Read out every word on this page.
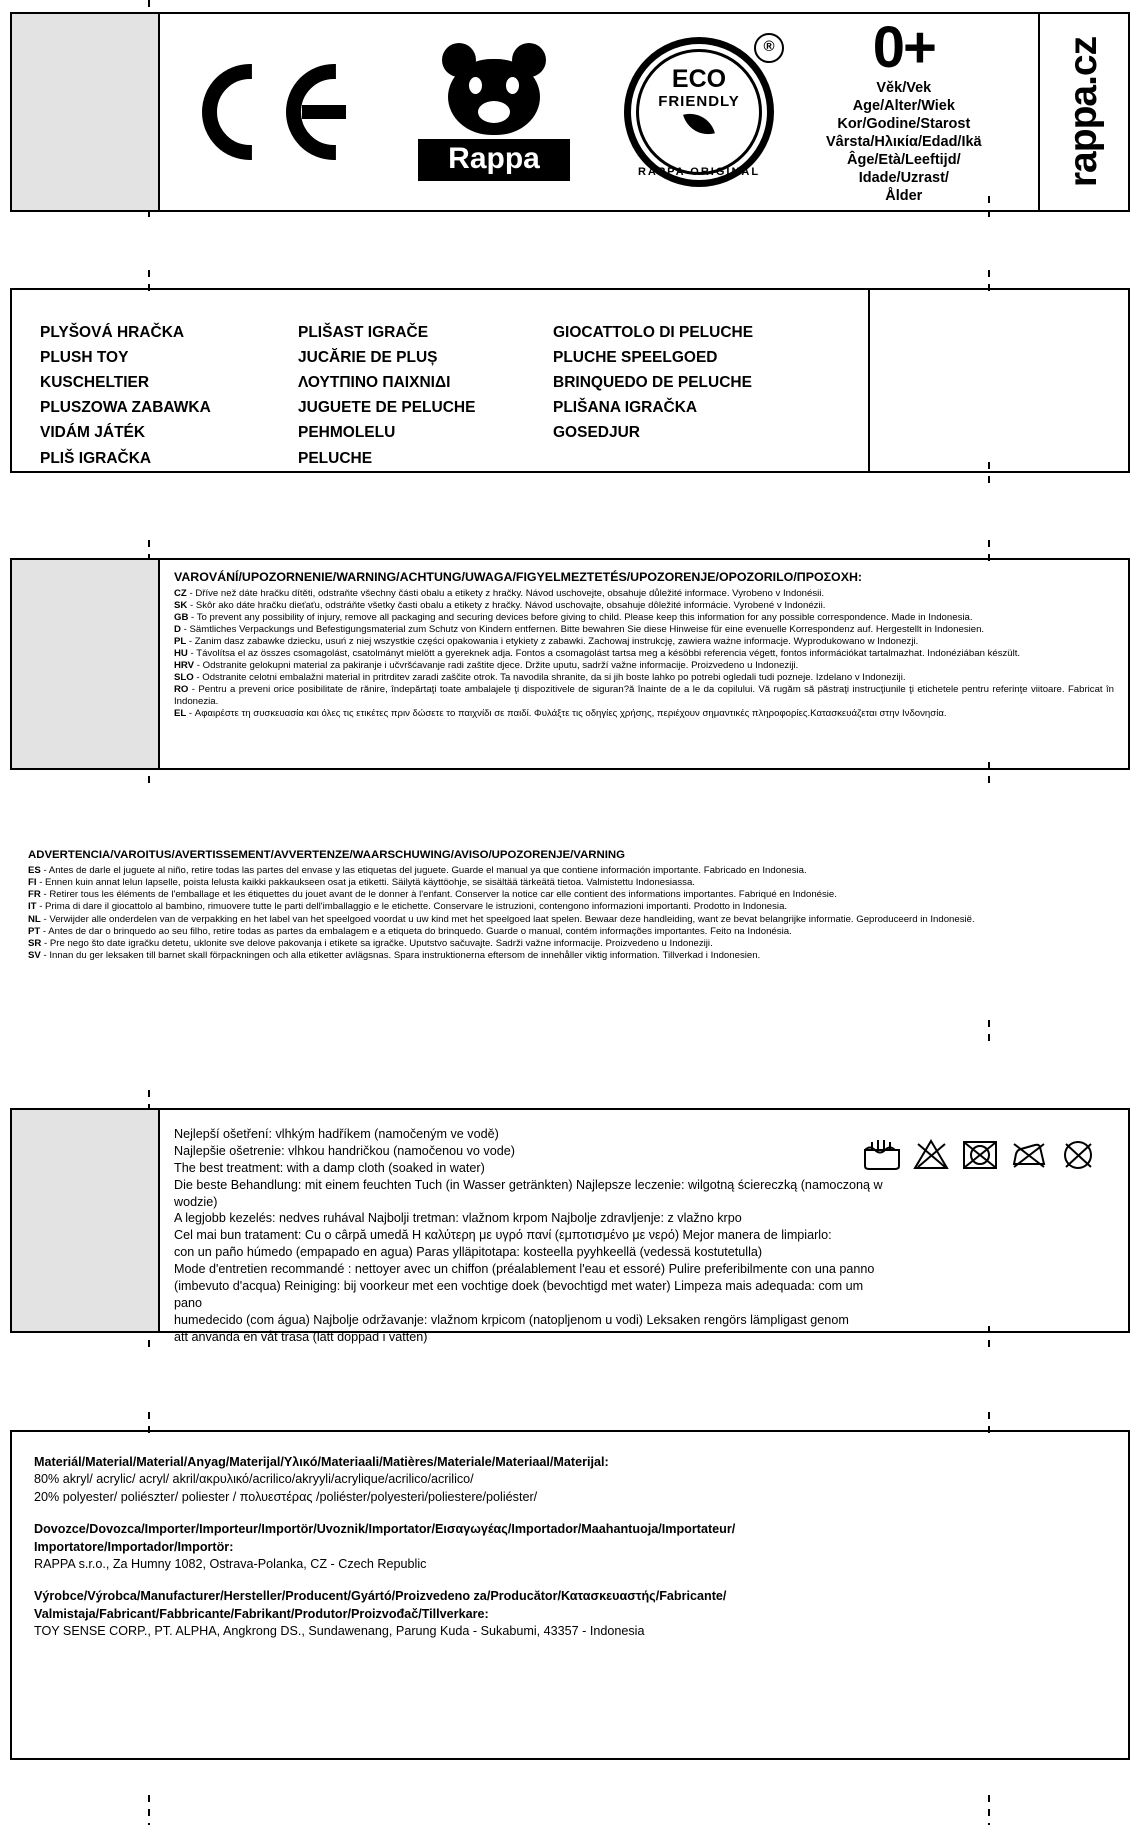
Rappa
ECO
FRIENDLY
RAPPA ORIGINAL
®	0+
Věk/Vek
Age/Alter/Wiek
Kor/Godine/Starost
Vârsta/Ηλικία/Edad/Ikä
Âge/Età/Leeftijd/
Idade/Uzrast/
Ålder
rappa.cz
PLYŠOVÁ HRAČKA
PLUSH TOY
KUSCHELTIER
PLUSZOWA ZABAWKA
VIDÁM JÁTÉK
PLIŠ IGRAČKA
PLIŠAST IGRAČE
JUCĂRIE DE PLUȘ
ΛΟΥΤΠΙΝΟ ΠΑΙΧΝΙΔΙ
JUGUETE DE PELUCHE
PEHMOLELU
PELUCHE
GIOCATTOLO DI PELUCHE
PLUCHE SPEELGOED
BRINQUEDO DE PELUCHE
PLIŠANA IGRAČKA
GOSEDJUR
VAROVÁNÍ/UPOZORNENIE/WARNING/ACHTUNG/UWAGA/FIGYELMEZTETÉS/UPOZORENJE/OPOZORILO/ΠΡΟΣΟΧΗ:
CZ - Dříve než dáte hračku dítěti, odstraňte všechny části obalu a etikety z hračky. Návod uschovejte, obsahuje důležité informace. Vyrobeno v Indonésii.
SK - Skôr ako dáte hračku dieťaťu, odstráňte všetky časti obalu a etikety z hračky. Návod uschovajte, obsahuje dôležité informácie. Vyrobené v Indonézii.
GB - To prevent any possibility of injury, remove all packaging and securing devices before giving to child. Please keep this information for any possible correspondence. Made in Indonesia.
D - Sämtliches Verpackungs und Befestigungsmaterial zum Schutz von Kindern entfernen. Bitte bewahren Sie diese Hinweise für eine evenuelle Korrespondenz auf. Hergestellt in Indonesien.
PL - Zanim dasz zabawke dziecku, usuń z niej wszystkie części opakowania i etykiety z zabawki. Zachowaj instrukcję, zawiera ważne informacje. Wyprodukowano w Indonezji.
HU - Távolítsa el az összes csomagolást, csatolmányt mielött a gyereknek adja. Fontos a csomagolást tartsa meg a késöbbi referencia végett, fontos információkat tartalmazhat. Indonéziában készült.
HRV - Odstranite gelokupni material za pakiranje i učvršćavanje radi zaštite djece. Držite uputu, sadrží važne informacije. Proizvedeno u Indoneziji.
SLO - Odstranite celotni embalažni material in pritrditev zaradi zaščite otrok. Ta navodila shranite, da si jih boste lahko po potrebi ogledali tudi pozneje. Izdelano v Indoneziji.
RO - Pentru a preveni orice posibilitate de rănire, îndepărtaţi toate ambalajele ţi dispozitivele de siguran?ă înainte de a le da copilului. Vă rugăm să păstraţi instrucţiunile ţi etichetele pentru referinţe viitoare. Fabricat în Indonezia.
EL - Αφαιρέστε τη συσκευασία και όλες τις ετικέτες πριν δώσετε το παιχνίδι σε παιδί. Φυλάξτε τις οδηγίες χρήσης, περιέχουν σημαντικές πληροφορίες.Κατασκευάζεται στην Ινδονησία.
ADVERTENCIA/VAROITUS/AVERTISSEMENT/AVVERTENZE/WAARSCHUWING/AVISO/UPOZORENJE/VARNING
ES - Antes de darle el juguete al niño, retire todas las partes del envase y las etiquetas del juguete. Guarde el manual ya que contiene información importante. Fabricado en Indonesia.
FI - Ennen kuin annat lelun lapselle, poista lelusta kaikki pakkaukseen osat ja etiketti. Säilytä käyttöohje, se sisältää tärkeätä tietoa. Valmistettu Indonesiassa.
FR - Retirer tous les éléments de l'emballage et les étiquettes du jouet avant de le donner à l'enfant. Conserver la notice car elle contient des informations importantes. Fabriqué en Indonésie.
IT - Prima di dare il giocattolo al bambino, rimuovere tutte le parti dell'imballaggio e le etichette. Conservare le istruzioni, contengono informazioni importanti. Prodotto in Indonesia.
NL - Verwijder alle onderdelen van de verpakking en het label van het speelgoed voordat u uw kind met het speelgoed laat spelen. Bewaar deze handleiding, want ze bevat belangrijke informatie. Geproduceerd in Indonesië.
PT - Antes de dar o brinquedo ao seu filho, retire todas as partes da embalagem e a etiqueta do brinquedo. Guarde o manual, contém informações importantes. Feito na Indonésia.
SR - Pre nego što date igračku detetu, uklonite sve delove pakovanja i etikete sa igračke. Uputstvo sačuvajte. Sadrži važne informacije. Proizvedeno u Indoneziji.
SV - Innan du ger leksaken till barnet skall förpackningen och alla etiketter avlägsnas. Spara instruktionerna eftersom de innehåller viktig information. Tillverkad i Indonesien.
Nejlepší ošetření: vlhkým hadříkem (namočeným ve vodě)
Najlepšie ošetrenie: vlhkou handričkou (namočenou vo vode)
The best treatment: with a damp cloth (soaked in water)
Die beste Behandlung: mit einem feuchten Tuch (in Wasser getränkten) Najlepsze leczenie: wilgotną ściereczką (namoczoną w wodzie)
A legjobb kezelés: nedves ruhával Najbolji tretman: vlažnom krpom Najbolje zdravljenje: z vlažno krpo
Cel mai bun tratament: Cu o cârpă umedă Η καλύτερη με υγρό πανί (εμποτισμένο με νερό) Mejor manera de limpiarlo:
con un paño húmedo (empapado en agua) Paras ylläpitotapa: kosteella pyyhkeellä (vedessä kostutetulla)
Mode d'entretien recommandé : nettoyer avec un chiffon (préalablement l'eau et essoré) Pulire preferibilmente con una panno
(imbevuto d'acqua) Reiniging: bij voorkeur met een vochtige doek (bevochtigd met water) Limpeza mais adequada: com um pano
humedecido (com água) Najbolje održavanje: vlažnom krpicom (natopljenom u vodi) Leksaken rengörs lämpligast genom
att använda en våt trasa (lätt doppad i vatten)
Materiál/Material/Material/Anyag/Materijal/Υλικó/Materiaali/Matières/Materiale/Materiaal/Materijal:
80% akryl/ acrylic/ acryl/ akril/ακρυλικό/acrilico/akryyli/acrylique/acrilico/acrilico/
20% polyester/ poliészter/ poliester / πολυεστέρας /poliéster/polyesteri/poliestere/poliéster/
Dovozce/Dovozca/Importer/Importeur/Importör/Uvoznik/Importator/Εισαγωγέας/Importador/Maahantuoja/Importateur/
Importatore/Importador/Importör:
RAPPA s.r.o., Za Humny 1082, Ostrava-Polanka, CZ - Czech Republic
Výrobce/Výrobca/Manufacturer/Hersteller/Producent/Gyártó/Proizvedeno za/Producător/Κατασκευαστής/Fabricante/
Valmistaja/Fabricant/Fabbricante/Fabrikant/Produtor/Proizvođač/Tillverkare:
TOY SENSE CORP., PT. ALPHA, Angkrong DS., Sundawenang, Parung Kuda - Sukabumi, 43357 - Indonesia
